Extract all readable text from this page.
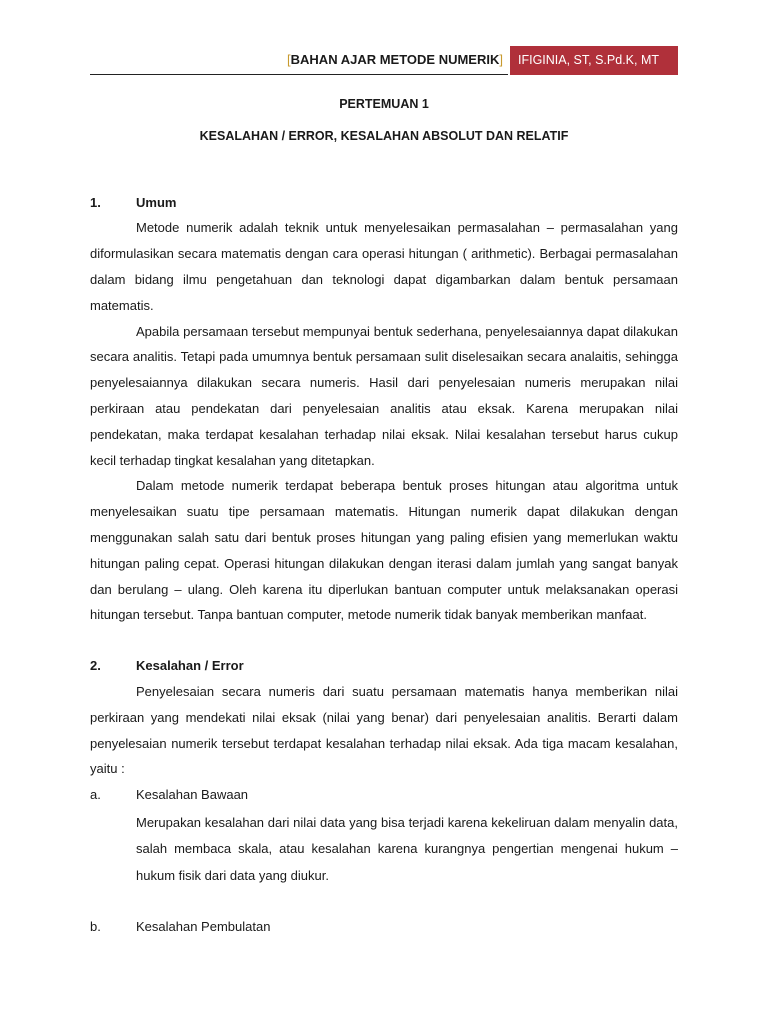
[BAHAN AJAR METODE NUMERIK]	IFIGINIA, ST, S.Pd.K, MT
PERTEMUAN 1
KESALAHAN / ERROR, KESALAHAN ABSOLUT DAN RELATIF
1.	Umum

Metode numerik adalah teknik untuk menyelesaikan permasalahan – permasalahan yang diformulasikan secara matematis dengan cara operasi hitungan ( arithmetic). Berbagai permasalahan dalam bidang ilmu pengetahuan dan teknologi dapat digambarkan dalam bentuk persamaan matematis.

Apabila persamaan tersebut mempunyai bentuk sederhana, penyelesaiannya dapat dilakukan secara analitis. Tetapi pada umumnya bentuk persamaan sulit diselesaikan secara analaitis, sehingga penyelesaiannya dilakukan secara numeris. Hasil dari penyelesaian numeris merupakan nilai perkiraan atau pendekatan dari penyelesaian analitis atau eksak. Karena merupakan nilai pendekatan, maka terdapat kesalahan terhadap nilai eksak. Nilai kesalahan tersebut harus cukup kecil terhadap tingkat kesalahan yang ditetapkan.

Dalam metode numerik terdapat beberapa bentuk proses hitungan atau algoritma untuk menyelesaikan suatu tipe persamaan matematis. Hitungan numerik dapat dilakukan dengan menggunakan salah satu dari bentuk proses hitungan yang paling efisien yang memerlukan waktu hitungan paling cepat. Operasi hitungan dilakukan dengan iterasi dalam jumlah yang sangat banyak dan berulang – ulang. Oleh karena itu diperlukan bantuan computer untuk melaksanakan operasi hitungan tersebut. Tanpa bantuan computer, metode numerik tidak banyak memberikan manfaat.

2.	Kesalahan / Error

Penyelesaian secara numeris dari suatu persamaan matematis hanya memberikan nilai perkiraan yang mendekati nilai eksak (nilai yang benar) dari penyelesaian analitis. Berarti dalam penyelesaian numerik tersebut terdapat kesalahan terhadap nilai eksak. Ada tiga macam kesalahan, yaitu :

a.	Kesalahan Bawaan

Merupakan kesalahan dari nilai data yang bisa terjadi karena kekeliruan dalam menyalin data, salah membaca skala, atau kesalahan karena kurangnya pengertian mengenai hukum – hukum fisik dari data yang diukur.

b.	Kesalahan Pembulatan
